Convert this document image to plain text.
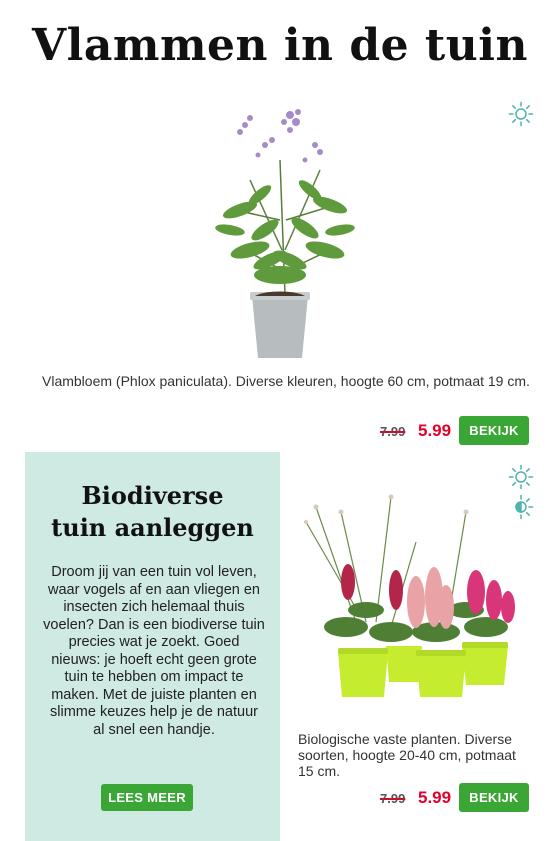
Vlammen in de tuin
Vlambloem (Phlox paniculata). Diverse kleuren, hoogte 60 cm, potmaat 19 cm.
7.99 5.99	BEKIJK
Biodiverse
tuin aanleggen
Droom jij van een tuin vol leven, waar vogels af en aan vliegen en insecten zich helemaal thuis voelen? Dan is een biodiverse tuin precies wat je zoekt. Goed nieuws: je hoeft echt geen grote tuin te hebben om impact te maken. Met de juiste planten en slimme keuzes help je de natuur al snel een handje.
LEES MEER
Biologische vaste planten. Diverse soorten, hoogte 20-40 cm, potmaat 15 cm.
7.99 5.99	BEKIJK
